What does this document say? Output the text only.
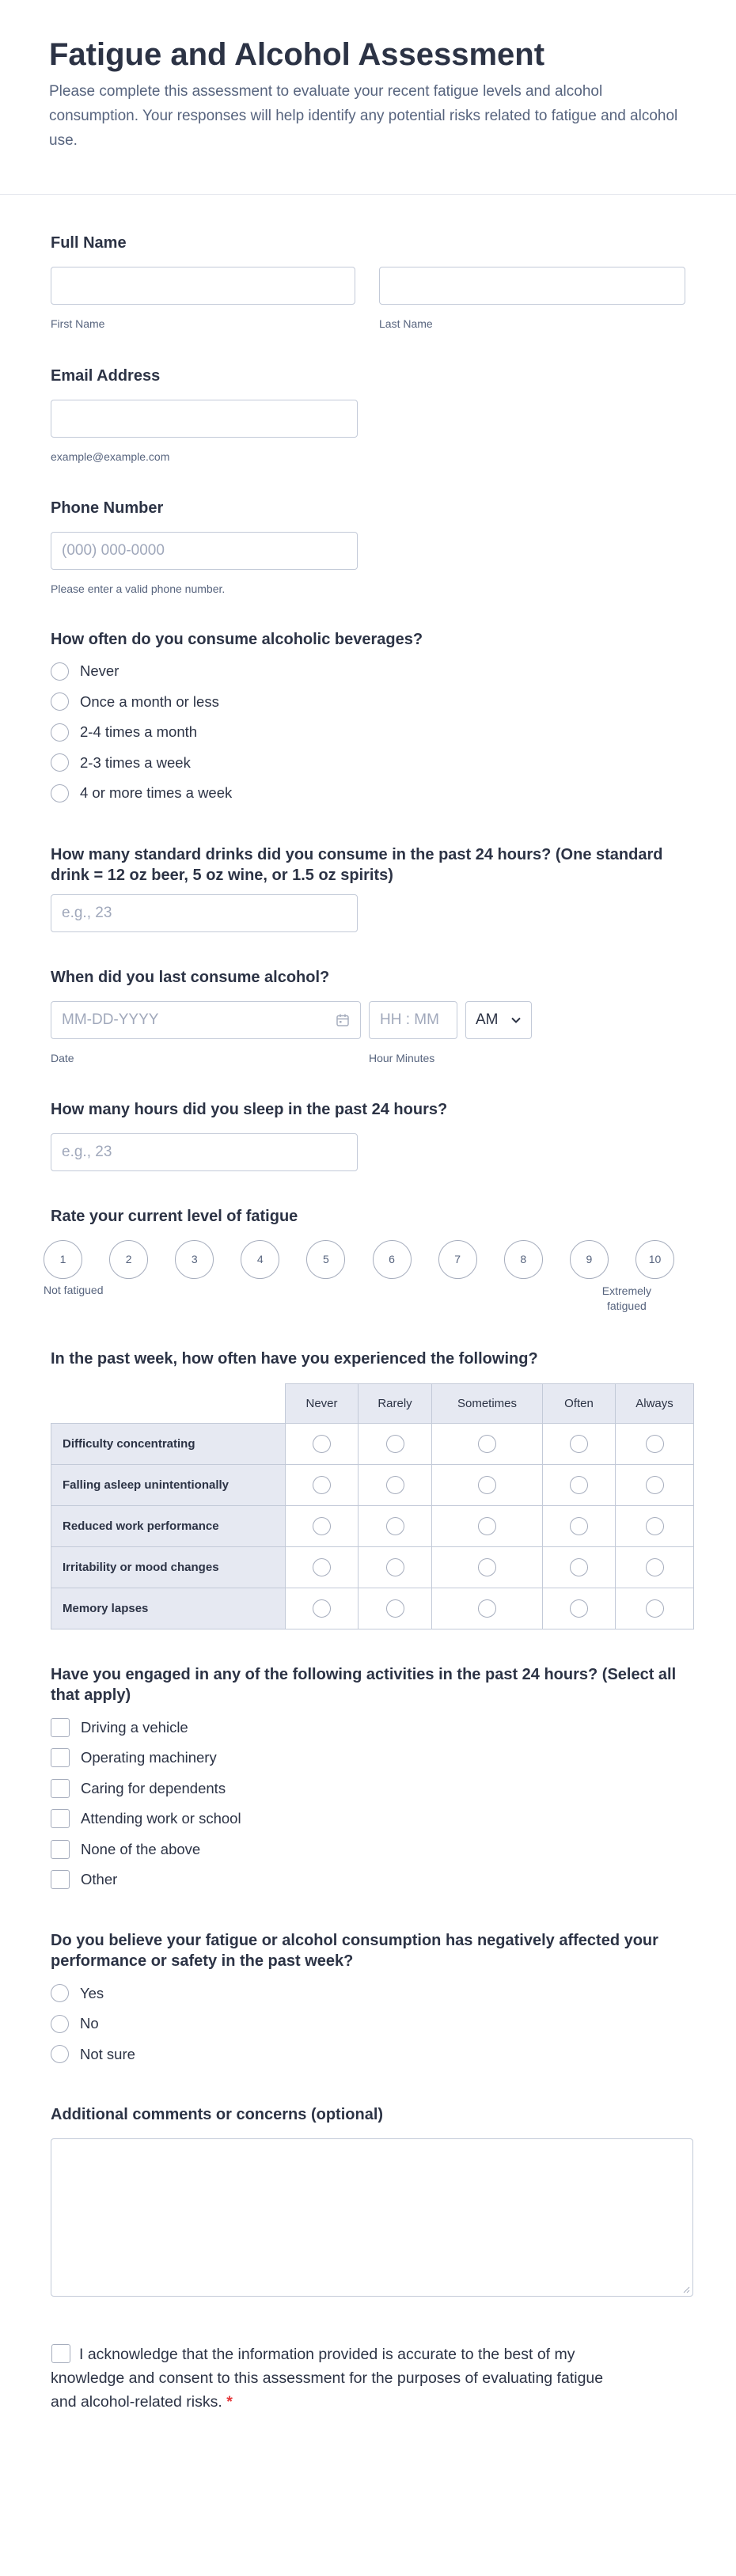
Fatigue and Alcohol Assessment

Please complete this assessment to evaluate your recent fatigue levels and alcohol consumption. Your responses will help identify any potential risks related to fatigue and alcohol use.

Full Name
First Name	Last Name
Email Address
example@example.com
Phone Number
(000) 000-0000
Please enter a valid phone number.
How often do you consume alcoholic beverages?
Never
Once a month or less
2-4 times a month
2-3 times a week
4 or more times a week
How many standard drinks did you consume in the past 24 hours? (One standard drink = 12 oz beer, 5 oz wine, or 1.5 oz spirits)
e.g., 23
When did you last consume alcohol?
MM-DD-YYYY
Date
HH : MM
Hour Minutes
AM
How many hours did you sleep in the past 24 hours?
e.g., 23
Rate your current level of fatigue
1	2	3	4	5	6	7	8	9	10
Not fatigued	Extremely
fatigued
In the past week, how often have you experienced the following?
	Never	Rarely	Sometimes	Often	Always
Difficulty concentrating					
Falling asleep unintentionally					
Reduced work performance					
Irritability or mood changes					
Memory lapses					
Have you engaged in any of the following activities in the past 24 hours? (Select all that apply)
Driving a vehicle
Operating machinery
Caring for dependents
Attending work or school
None of the above
Other
Do you believe your fatigue or alcohol consumption has negatively affected your performance or safety in the past week?
Yes
No
Not sure
Additional comments or concerns (optional)
I acknowledge that the information provided is accurate to the best of my knowledge and consent to this assessment for the purposes of evaluating fatigue and alcohol-related risks. *
